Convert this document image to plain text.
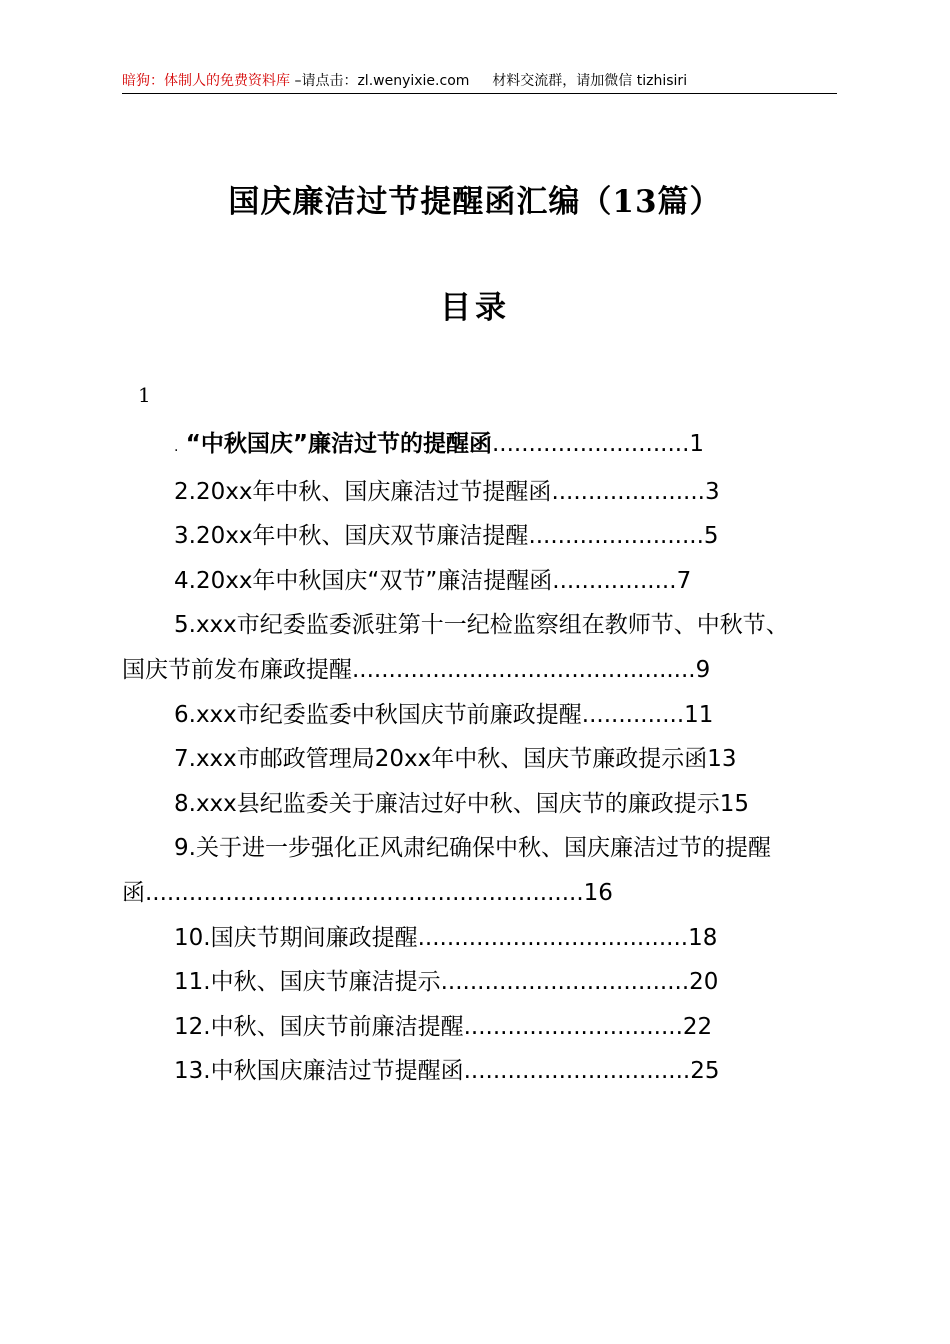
暗狗：体制人的免费资料库 –请点击：zl.wenyixie.com 材料交流群，请加微信 tizhisiri
国庆廉洁过节提醒函汇编（13篇）
目录
1
. “中秋国庆”廉洁过节的提醒函...........................1
2.20xx年中秋、国庆廉洁过节提醒函.....................3
3.20xx年中秋、国庆双节廉洁提醒........................5
4.20xx年中秋国庆“双节”廉洁提醒函.................7
5.xxx市纪委监委派驻第十一纪检监察组在教师节、中秋节、
国庆节前发布廉政提醒...............................................9
6.xxx市纪委监委中秋国庆节前廉政提醒..............11
7.xxx市邮政管理局20xx年中秋、国庆节廉政提示函13
8.xxx县纪监委关于廉洁过好中秋、国庆节的廉政提示15
9.关于进一步强化正风肃纪确保中秋、国庆廉洁过节的提醒
函............................................................16
10.国庆节期间廉政提醒.....................................18
11.中秋、国庆节廉洁提示..................................20
12.中秋、国庆节前廉洁提醒..............................22
13.中秋国庆廉洁过节提醒函...............................25
